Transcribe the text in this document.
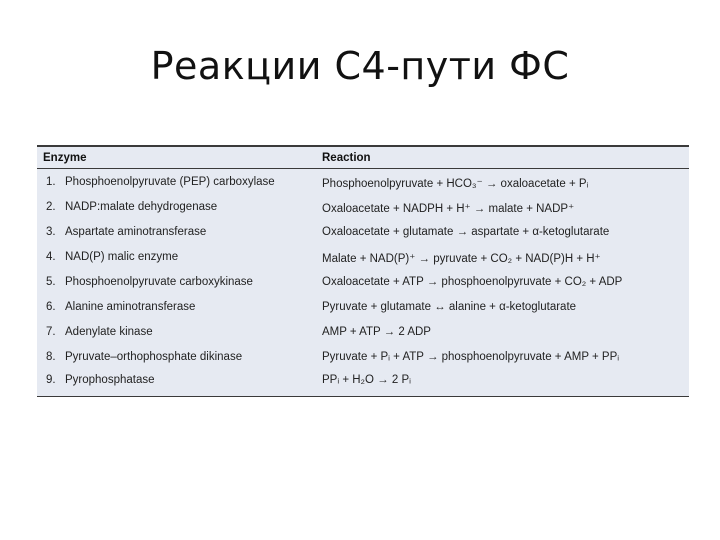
Реакции С4-пути ФС
Enzyme	Reaction
1. Phosphoenolpyruvate (PEP) carboxylase	Phosphoenolpyruvate + HCO₃⁻ → oxaloacetate + Pᵢ
2. NADP:malate dehydrogenase	Oxaloacetate + NADPH + H⁺ → malate + NADP⁺
3. Aspartate aminotransferase	Oxaloacetate + glutamate → aspartate + α-ketoglutarate
4. NAD(P) malic enzyme	Malate + NAD(P)⁺ → pyruvate + CO₂ + NAD(P)H + H⁺
5. Phosphoenolpyruvate carboxykinase	Oxaloacetate + ATP → phosphoenolpyruvate + CO₂ + ADP
6. Alanine aminotransferase	Pyruvate + glutamate ↔ alanine + α-ketoglutarate
7. Adenylate kinase	AMP + ATP → 2 ADP
8. Pyruvate–orthophosphate dikinase	Pyruvate + Pᵢ + ATP → phosphoenolpyruvate + AMP + PPᵢ
9. Pyrophosphatase	PPᵢ + H₂O → 2 Pᵢ
